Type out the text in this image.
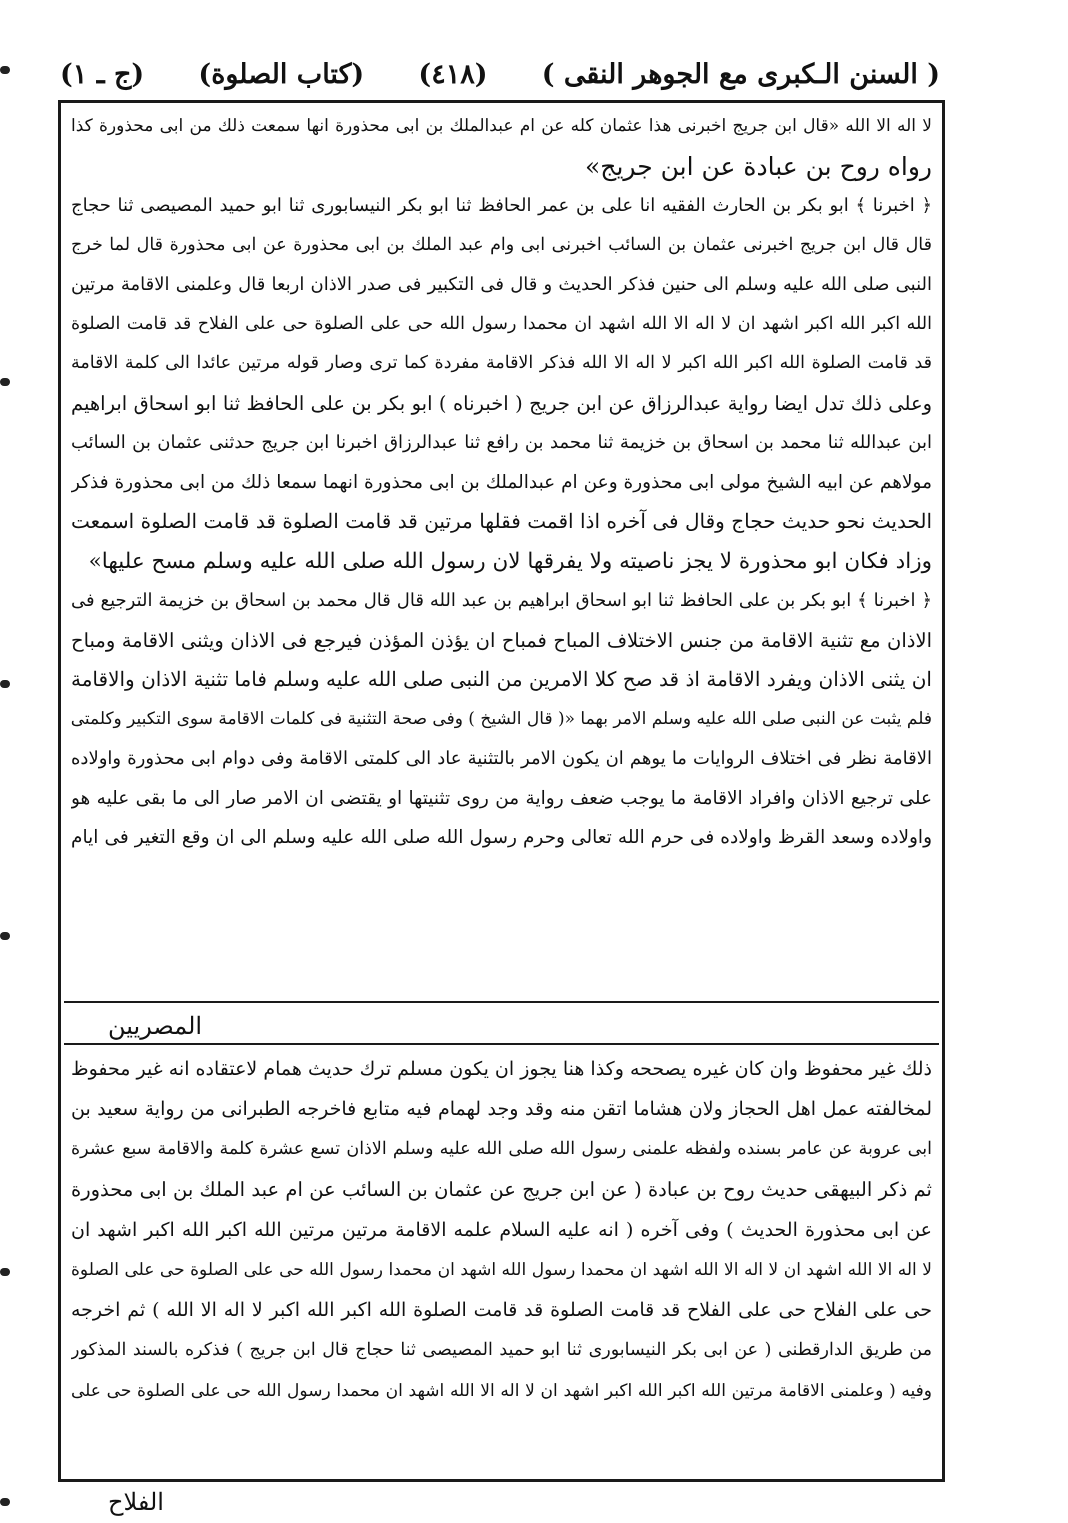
( السنن الـكبرى مع الجوهر النقى )
(٤١٨)
(كتاب الصلوة)
(ج ـ ١)
لا اله الا الله «قال ابن جريج اخبرنى هذا عثمان كله عن ام عبدالملك بن ابى محذورة انها سمعت ذلك من ابى محذورة كذا
رواه روح بن عبادة عن ابن جريج»
﴿ اخبرنا ﴾ ابو بكر بن الحارث الفقيه انا على بن عمر الحافظ ثنا ابو بكر النيسابورى ثنا ابو حميد المصيصى ثنا حجاج
قال قال ابن جريج اخبرنى عثمان بن السائب اخبرنى ابى وام عبد الملك بن ابى محذورة عن ابى محذورة قال لما خرج
النبى صلى الله عليه وسلم الى حنين فذكر الحديث و قال فى التكبير فى صدر الاذان اربعا قال وعلمنى الاقامة مرتين
الله اكبر الله اكبر اشهد ان لا اله الا الله اشهد ان محمدا رسول الله حى على الصلوة حى على الفلاح قد قامت الصلوة
قد قامت الصلوة الله اكبر الله اكبر لا اله الا الله فذكر الاقامة مفردة كما ترى وصار قوله مرتين عائدا الى كلمة الاقامة
وعلى ذلك تدل ايضا رواية عبدالرزاق عن ابن جريج ( اخبرناه ) ابو بكر بن على الحافظ ثنا ابو اسحاق ابراهيم
ابن عبدالله ثنا محمد بن اسحاق بن خزيمة ثنا محمد بن رافع ثنا عبدالرزاق اخبرنا ابن جريج حدثنى عثمان بن السائب
مولاهم عن ابيه الشيخ مولى ابى محذورة وعن ام عبدالملك بن ابى محذورة انهما سمعا ذلك من ابى محذورة فذكر
الحديث نحو حديث حجاج وقال فى آخره اذا اقمت فقلها مرتين قد قامت الصلوة قد قامت الصلوة اسمعت
وزاد فكان ابو محذورة لا يجز ناصيته ولا يفرقها لان رسول الله صلى الله عليه وسلم مسح عليها»
﴿ اخبرنا ﴾ ابو بكر بن على الحافظ ثنا ابو اسحاق ابراهيم بن عبد الله قال قال محمد بن اسحاق بن خزيمة الترجيع فى
الاذان مع تثنية الاقامة من جنس الاختلاف المباح فمباح ان يؤذن المؤذن فيرجع فى الاذان ويثنى الاقامة ومباح
ان يثنى الاذان ويفرد الاقامة اذ قد صح كلا الامرين من النبى صلى الله عليه وسلم فاما تثنية الاذان والاقامة
فلم يثبت عن النبى صلى الله عليه وسلم الامر بهما «( قال الشيخ ) وفى صحة التثنية فى كلمات الاقامة سوى التكبير وكلمتى
الاقامة نظر فى اختلاف الروايات ما يوهم ان يكون الامر بالتثنية عاد الى كلمتى الاقامة وفى دوام ابى محذورة واولاده
على ترجيع الاذان وافراد الاقامة ما يوجب ضعف رواية من روى تثنيتها او يقتضى ان الامر صار الى ما بقى عليه هو
واولاده وسعد القرظ واولاده فى حرم الله تعالى وحرم رسول الله صلى الله عليه وسلم الى ان وقع التغير فى ايام
ذلك غير محفوظ وان كان غيره يصححه وكذا هنا يجوز ان يكون مسلم ترك حديث همام لاعتقاده انه غير محفوظ
لمخالفته عمل اهل الحجاز ولان هشاما اتقن منه وقد وجد لهمام فيه متابع فاخرجه الطبرانى من رواية سعيد بن
ابى عروبة عن عامر بسنده ولفظه علمنى رسول الله صلى الله عليه وسلم الاذان تسع عشرة كلمة والاقامة سبع عشرة
ثم ذكر البيهقى حديث روح بن عبادة ( عن ابن جريج عن عثمان بن السائب عن ام عبد الملك بن ابى محذورة
عن ابى محذورة الحديث ) وفى آخره ( انه عليه السلام علمه الاقامة مرتين مرتين الله اكبر الله اكبر اشهد ان
لا اله الا الله اشهد ان لا اله الا الله اشهد ان محمدا رسول الله اشهد ان محمدا رسول الله حى على الصلوة حى على الصلوة
حى على الفلاح حى على الفلاح قد قامت الصلوة قد قامت الصلوة الله اكبر الله اكبر لا اله الا الله ) ثم اخرجه
من طريق الدارقطنى ( عن ابى بكر النيسابورى ثنا ابو حميد المصيصى ثنا حجاج قال ابن جريج ) فذكره بالسند المذكور
وفيه ( وعلمنى الاقامة مرتين الله اكبر الله اكبر اشهد ان لا اله الا الله اشهد ان محمدا رسول الله حى على الصلوة حى على
المصريين
الفلاح
